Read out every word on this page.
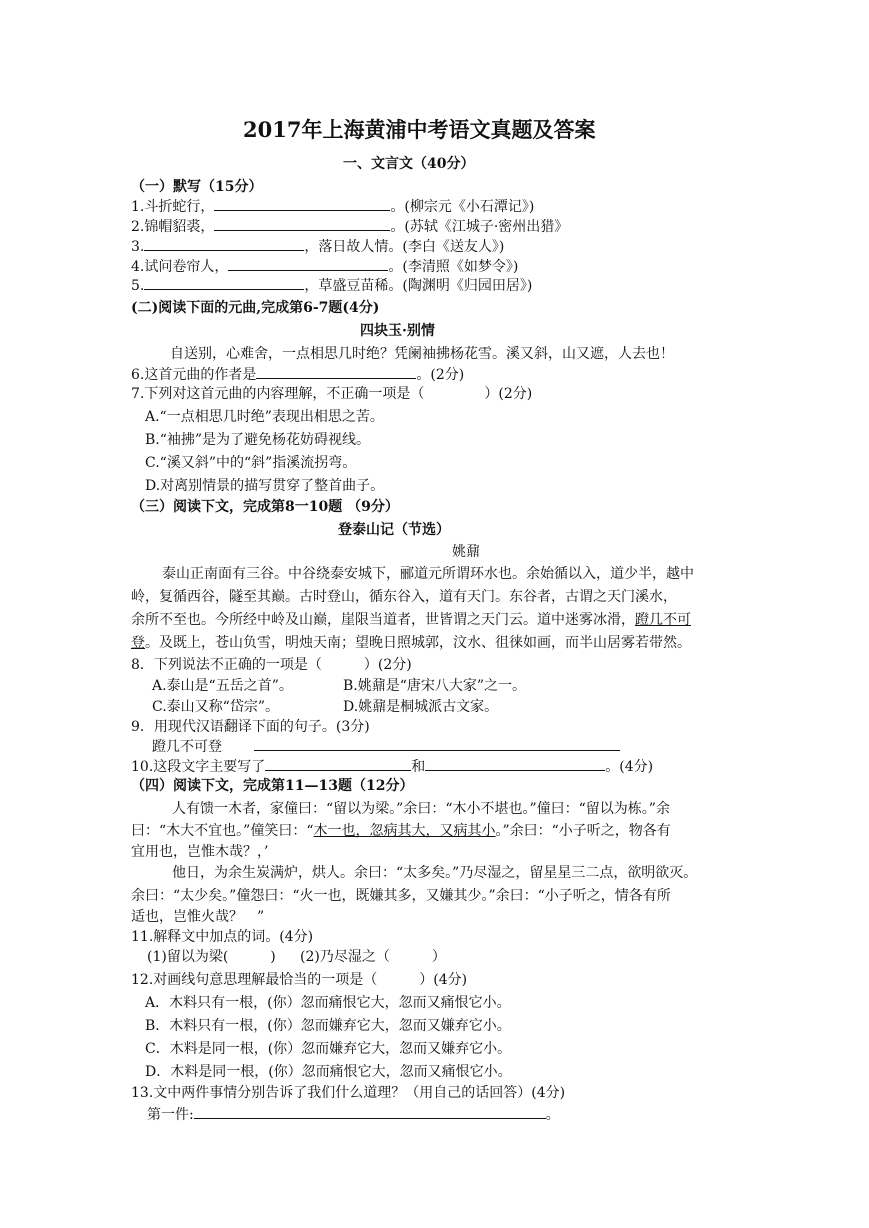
2017年上海黄浦中考语文真题及答案
一、文言文（40分）
（一）默写（15分）
1.斗折蛇行，	。(柳宗元《小石潭记》)
2.锦帽貂裘，	。(苏轼《江城子·密州出猎》
3.	，落日故人情。(李白《送友人》)
4.试问卷帘人，	。(李清照《如梦令》)
5.	，草盛豆苗稀。(陶渊明《归园田居》)
(二)阅读下面的元曲,完成第6-7题(4分)
四块玉·别情
自送别，心难舍，一点相思几时绝？凭阑袖拂杨花雪。溪又斜，山又遮，人去也！
6.这首元曲的作者是	。(2分)
7.下列对这首元曲的内容理解，不正确一项是（	）(2分)
A.“一点相思几时绝”表现出相思之苦。
B.“袖拂”是为了避免杨花妨碍视线。
C.“溪又斜”中的“斜”指溪流拐弯。
D.对离别情景的描写贯穿了整首曲子。
（三）阅读下文，完成第8一10题 （9分）
登泰山记（节选）
姚鼐
泰山正南面有三谷。中谷绕泰安城下，郦道元所谓环水也。余始循以入，道少半，越中
岭，复循西谷，隧至其巅。古时登山，循东谷入，道有天门。东谷者，古谓之天门溪水，
余所不至也。今所经中岭及山巅，崖限当道者，世皆谓之天门云。道中迷雾冰滑，蹬几不可
登。及既上，苍山负雪，明烛天南；望晚日照城郭，汶水、徂徕如画，而半山居雾若带然。
8．下列说法不正确的一项是（　　　）(2分)
A.泰山是“五岳之首”。	B.姚鼐是“唐宋八大家”之一。
C.泰山又称“岱宗”。	D.姚鼐是桐城派古文家。
9．用现代汉语翻译下面的句子。(3分)
蹬几不可登
10.这段文字主要写了	和	。(4分)
（四）阅读下文，完成第11—13题（12分）
人有馈一木者，家僮曰：“留以为梁。”余曰：“木小不堪也。”僮曰：“留以为栋。”余
曰：“木大不宜也。”僮笑曰：“木一也，忽病其大，又病其小。”余曰：“小子听之，物各有
宜用也，岂惟木哉？，’
他日，为余生炭满炉，烘人。余曰：“太多矣。”乃尽湿之，留星星三二点，欲明欲灭。
余曰：“太少矣。”僮怨曰：“火一也，既嫌其多，又嫌其少。”余曰：“小子听之，情各有所
适也，岂惟火哉？　”
11.解释文中加点的词。(4分)
(1)留以为梁(　　　) (2)乃尽湿之（　　　）
12.对画线句意思理解最恰当的一项是（　　　）(4分)
A．木料只有一根，(你）忽而痛恨它大，忽而又痛恨它小。
B．木料只有一根，(你）忽而嫌弃它大，忽而又嫌弃它小。
C．木料是同一根，(你）忽而嫌弃它大，忽而又嫌弃它小。
D．木料是同一根，(你）忽而痛恨它大，忽而又痛恨它小。
13.文中两件事情分别告诉了我们什么道理？（用自己的话回答）(4分)
第一件:	。
